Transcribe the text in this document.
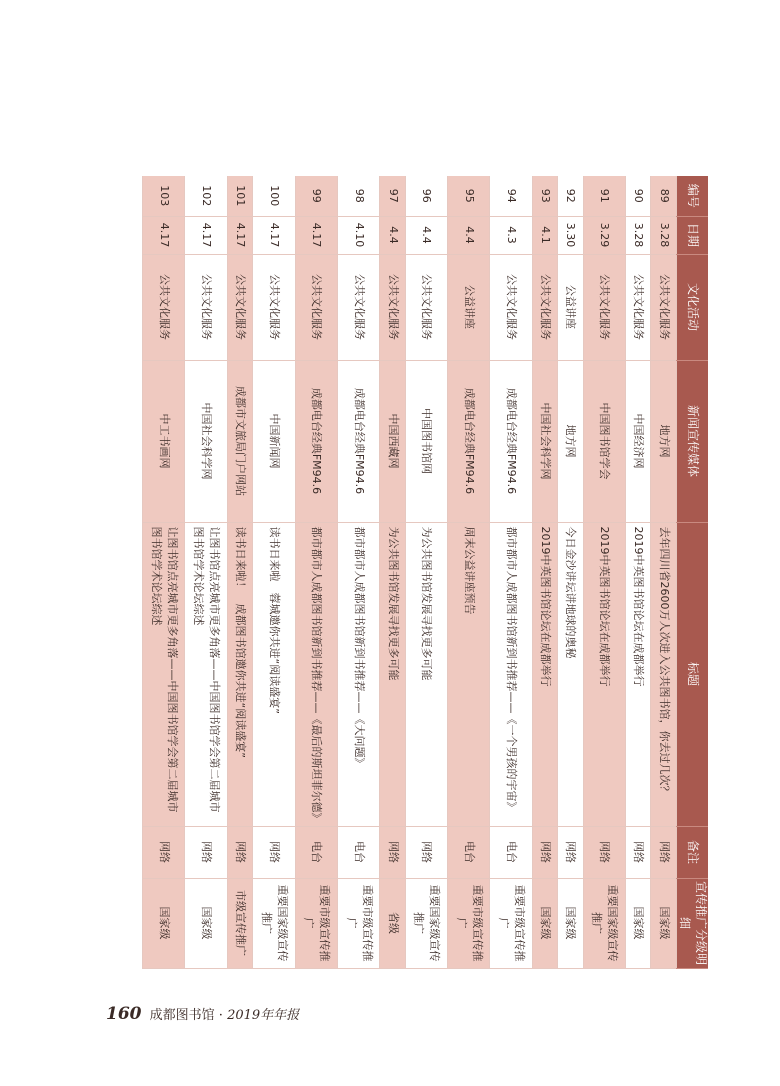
编号	日期	文化活动	新闻宣传媒体	标题	备注	宣传推广分级明细
89	3.28	公共文化服务	地方网	去年四川省2600万人次进入公共图书馆，你去过几次？	网络	国家级
90	3.28	公共文化服务	中国经济网	2019中英图书馆论坛在成都举行	网络	国家级
91	3.29	公共文化服务	中国图书馆学会	2019中英图书馆论坛在成都举行	网络	重要国家级宣传推广
92	3.30	公益讲座	地方网	今日金沙讲坛讲地球的奥秘	网络	国家级
93	4.1	公共文化服务	中国社会科学网	2019中英图书馆论坛在成都举行	网络	国家级
94	4.3	公共文化服务	成都电台经典FM94.6	都市都市人成都图书馆新到书推荐——《一个男孩的宇宙》	电台	重要市级宣传推广
95	4.4	公益讲座	成都电台经典FM94.6	周末公益讲座预告	电台	重要市级宣传推广
96	4.4	公共文化服务	中国图书馆网	为公共图书馆发展寻找更多可能	网络	重要国家级宣传推广
97	4.4	公共文化服务	中国西藏网	为公共图书馆发展寻找更多可能	网络	省级
98	4.10	公共文化服务	成都电台经典FM94.6	都市都市人成都图书馆新到书推荐——《大问题》	电台	重要市级宣传推广
99	4.17	公共文化服务	成都电台经典FM94.6	都市都市人成都图书馆新到书推荐——《最后的斯坦菲尔德》	电台	重要市级宣传推广
100	4.17	公共文化服务	中国新闻网	读书日来啦　蓉城邀你共进“阅读盛宴”	网络	重要国家级宣传推广
101	4.17	公共文化服务	成都市文旅局门户网站	读书日来啦！　成都图书馆邀你共进“阅读盛宴”	网络	市级宣传推广
102	4.17	公共文化服务	中国社会科学网	让图书馆点亮城市更多角落——中国图书馆学会第二届城市图书馆学术论坛综述	网络	国家级
103	4.17	公共文化服务	中工书画网	让图书馆点亮城市更多角落——中国图书馆学会第二届城市图书馆学术论坛综述	网络	国家级
160 成都图书馆 · 2019年年报
